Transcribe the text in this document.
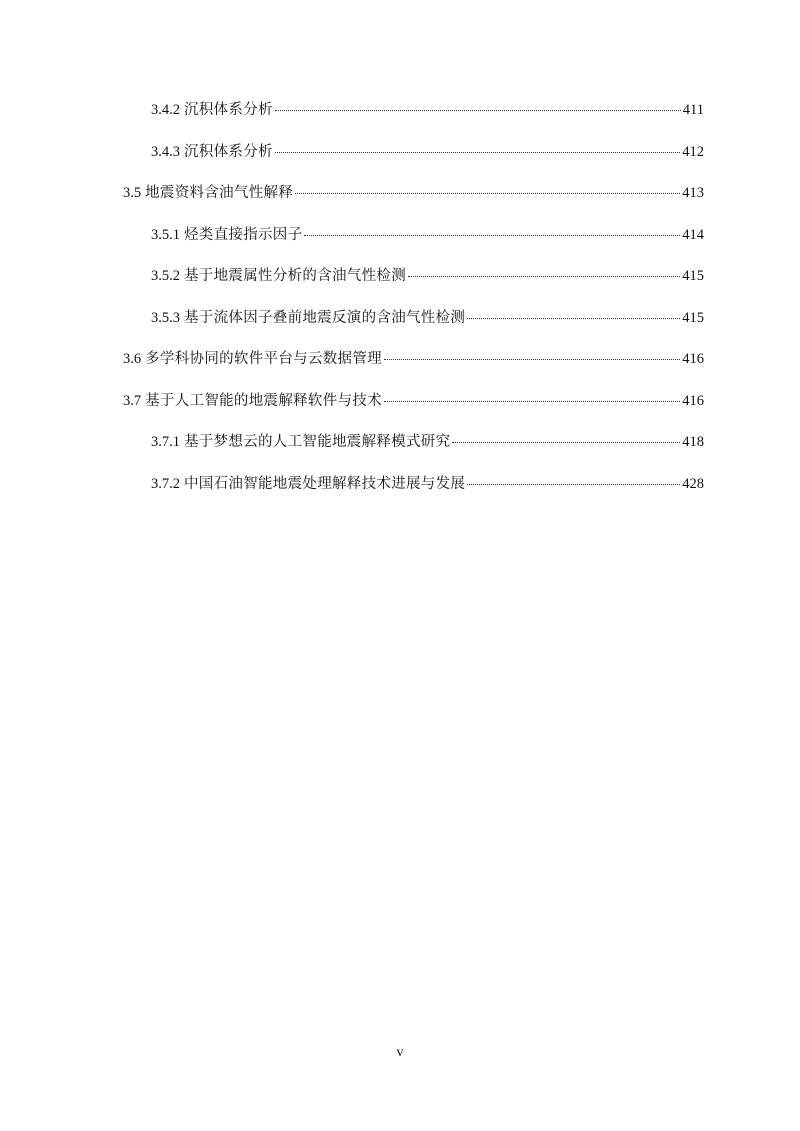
3.4.2 沉积体系分析	411
3.4.3 沉积体系分析	412
3.5 地震资料含油气性解释	413
3.5.1 烃类直接指示因子	414
3.5.2 基于地震属性分析的含油气性检测	415
3.5.3 基于流体因子叠前地震反演的含油气性检测	415
3.6 多学科协同的软件平台与云数据管理	416
3.7 基于人工智能的地震解释软件与技术	416
3.7.1 基于梦想云的人工智能地震解释模式研究	418
3.7.2 中国石油智能地震处理解释技术进展与发展	428
v
